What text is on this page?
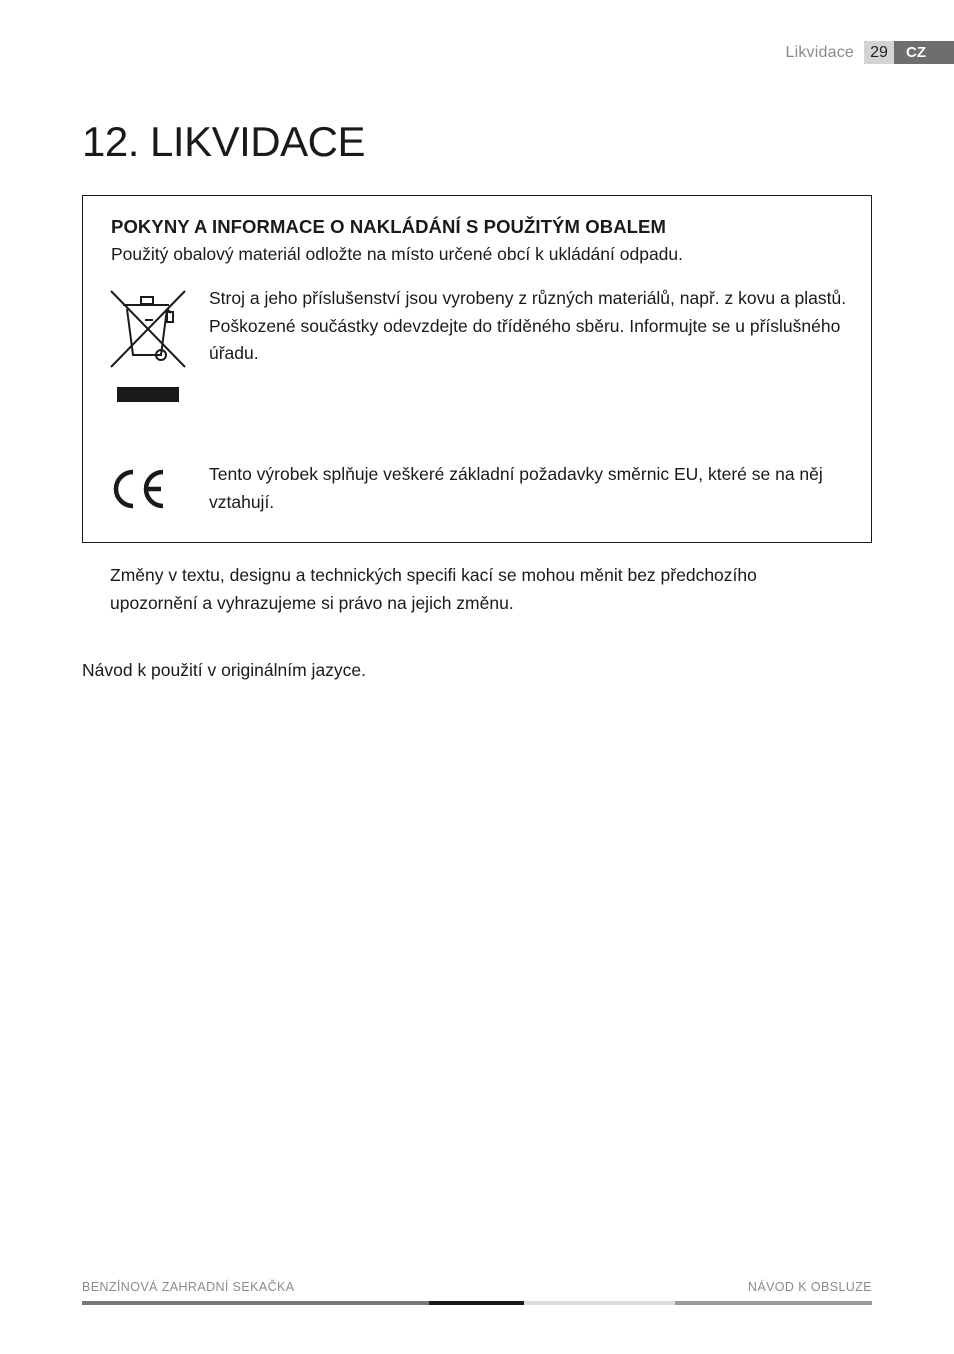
Likvidace	29	CZ
12. LIKVIDACE

POKYNY A INFORMACE O NAKLÁDÁNÍ S POUŽITÝM OBALEM

Použitý obalový materiál odložte na místo určené obcí k ukládání odpadu.

Stroj a jeho příslušenství jsou vyrobeny z různých materiálů, např. z kovu a plastů. Poškozené součástky odevzdejte do tříděného sběru. Informujte se u příslušného úřadu.

Tento výrobek splňuje veškeré základní požadavky směrnic EU, které se na něj vztahují.

Změny v textu, designu a technických specifi kací se mohou měnit bez předchozího upozornění a vyhrazujeme si právo na jejich změnu.

Návod k použití v originálním jazyce.

BENZÍNOVÁ ZAHRADNÍ SEKAČKA	NÁVOD K OBSLUZE
